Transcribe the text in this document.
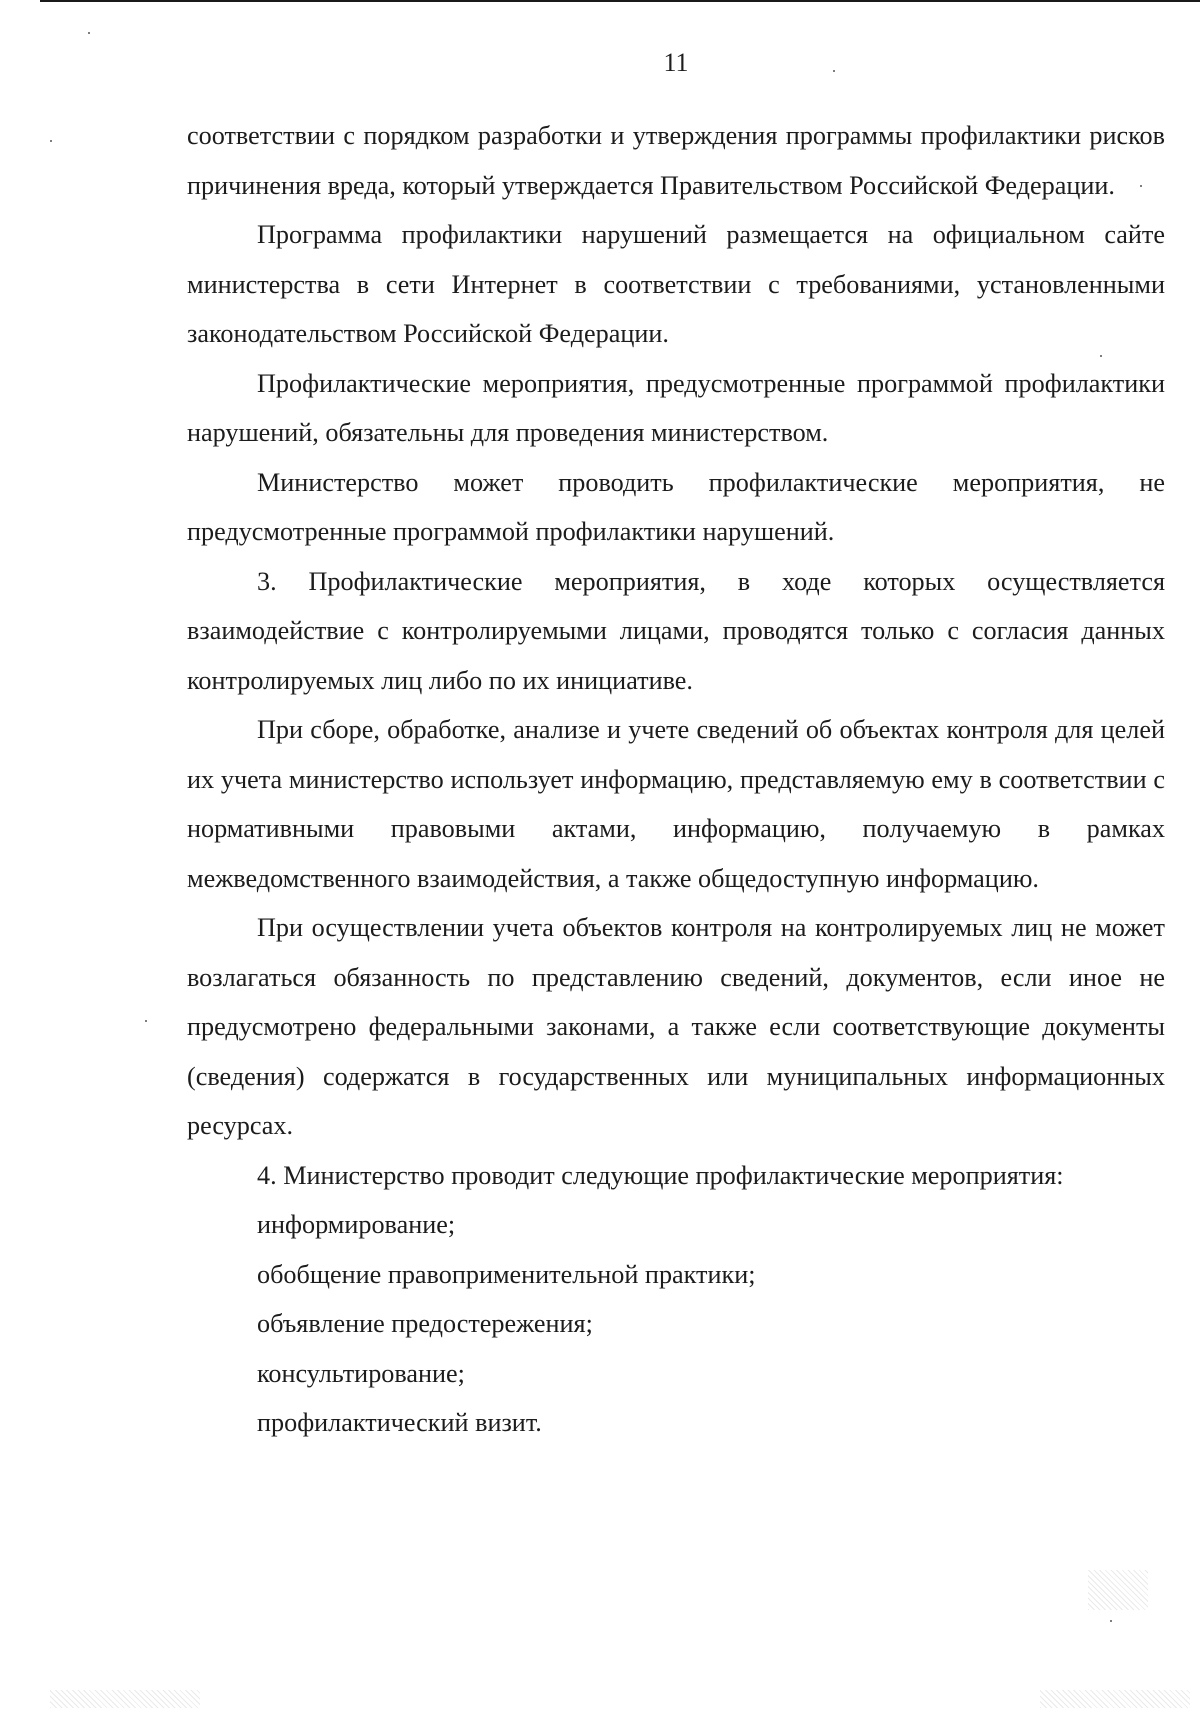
11

соответствии с порядком разработки и утверждения программы профилактики рисков причинения вреда, который утверждается Правительством Российской Федерации.

Программа профилактики нарушений размещается на официальном сайте министерства в сети Интернет в соответствии с требованиями, установленными законодательством Российской Федерации.

Профилактические мероприятия, предусмотренные программой профилактики нарушений, обязательны для проведения министерством.

Министерство может проводить профилактические мероприятия, не предусмотренные программой профилактики нарушений.

3. Профилактические мероприятия, в ходе которых осуществляется взаимодействие с контролируемыми лицами, проводятся только с согласия данных контролируемых лиц либо по их инициативе.

При сборе, обработке, анализе и учете сведений об объектах контроля для целей их учета министерство использует информацию, представляемую ему в соответствии с нормативными правовыми актами, информацию, получаемую в рамках межведомственного взаимодействия, а также общедоступную информацию.

При осуществлении учета объектов контроля на контролируемых лиц не может возлагаться обязанность по представлению сведений, документов, если иное не предусмотрено федеральными законами, а также если соответствующие документы (сведения) содержатся в государственных или муниципальных информационных ресурсах.

4. Министерство проводит следующие профилактические мероприятия:

информирование;
обобщение правоприменительной практики;
объявление предостережения;
консультирование;
профилактический визит.
